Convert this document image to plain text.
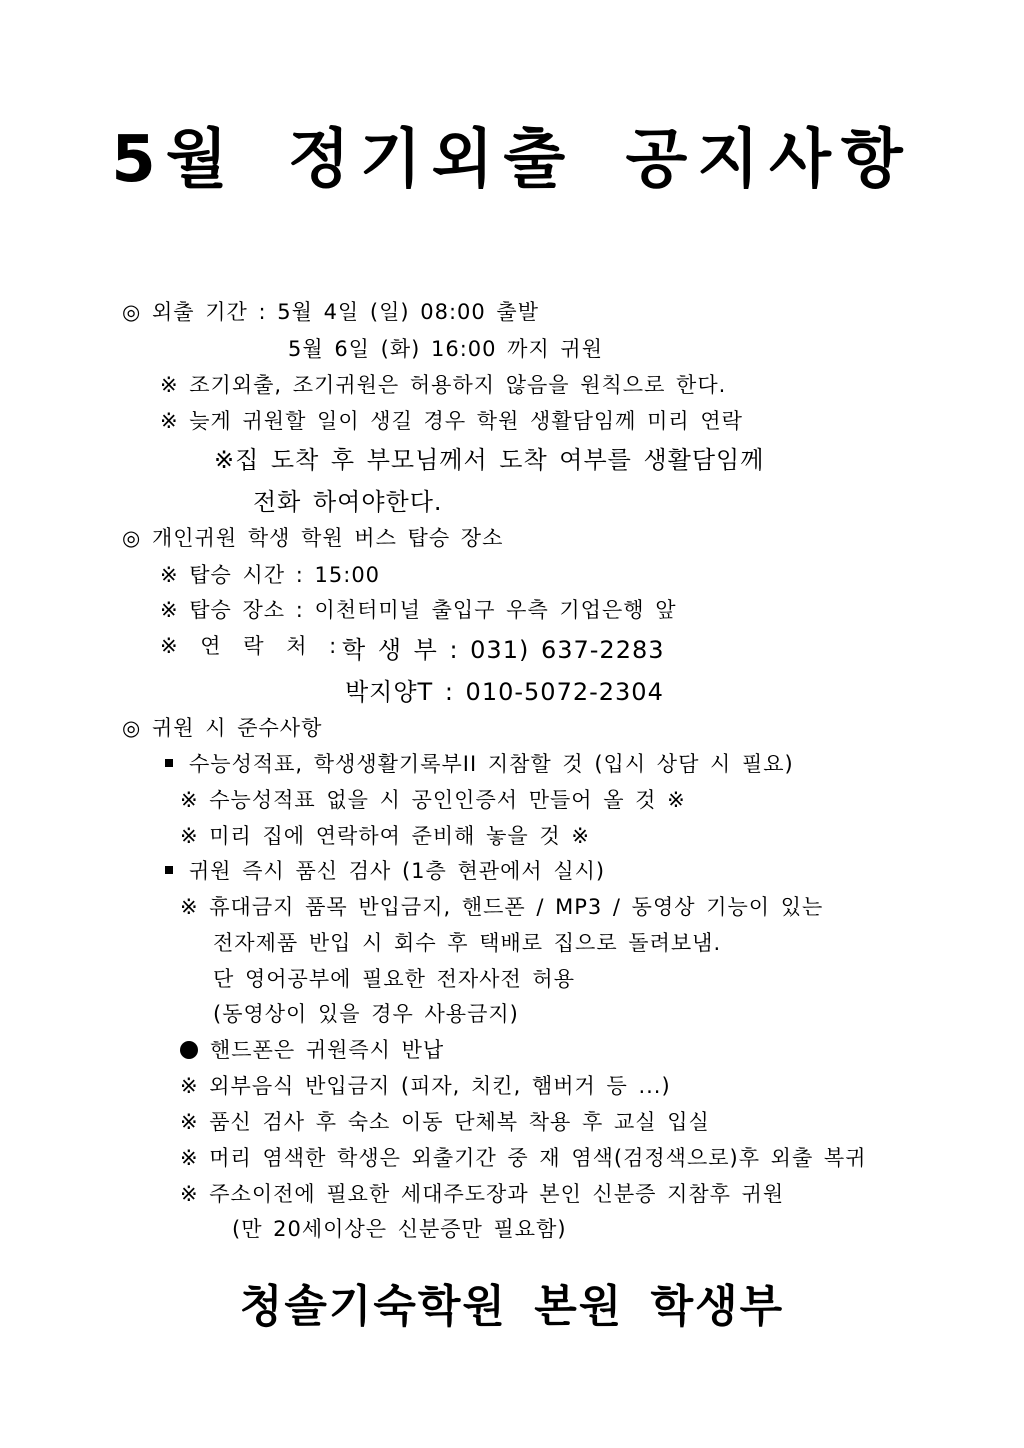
5월 정기외출 공지사항
◎ 외출 기간 : 5월 4일 (일) 08:00 출발
5월 6일 (화) 16:00 까지 귀원
※ 조기외출, 조기귀원은 허용하지 않음을 원칙으로 한다.
※ 늦게 귀원할 일이 생길 경우 학원 생활담임께 미리 연락
※집 도착 후 부모님께서 도착 여부를 생활담임께
전화 하여야한다.
◎ 개인귀원 학생 학원 버스 탑승 장소
※ 탑승 시간 : 15:00
※ 탑승 장소 : 이천터미널 출입구 우측 기업은행 앞
※ 연 락 처 : 학 생 부 : 031) 637-2283
박지양T : 010-5072-2304
◎ 귀원 시 준수사항
수능성적표, 학생생활기록부II 지참할 것 (입시 상담 시 필요)
※ 수능성적표 없을 시 공인인증서 만들어 올 것 ※
※ 미리 집에 연락하여 준비해 놓을 것 ※
귀원 즉시 품신 검사 (1층 현관에서 실시)
※ 휴대금지 품목 반입금지, 핸드폰 / MP3 / 동영상 기능이 있는
전자제품 반입 시 회수 후 택배로 집으로 돌려보냄.
단 영어공부에 필요한 전자사전 허용
(동영상이 있을 경우 사용금지)
핸드폰은 귀원즉시 반납
※ 외부음식 반입금지 (피자, 치킨, 햄버거 등 ...)
※ 품신 검사 후 숙소 이동 단체복 착용 후 교실 입실
※ 머리 염색한 학생은 외출기간 중 재 염색(검정색으로)후 외출 복귀
※ 주소이전에 필요한 세대주도장과 본인 신분증 지참후 귀원
(만 20세이상은 신분증만 필요함)
청솔기숙학원 본원 학생부
